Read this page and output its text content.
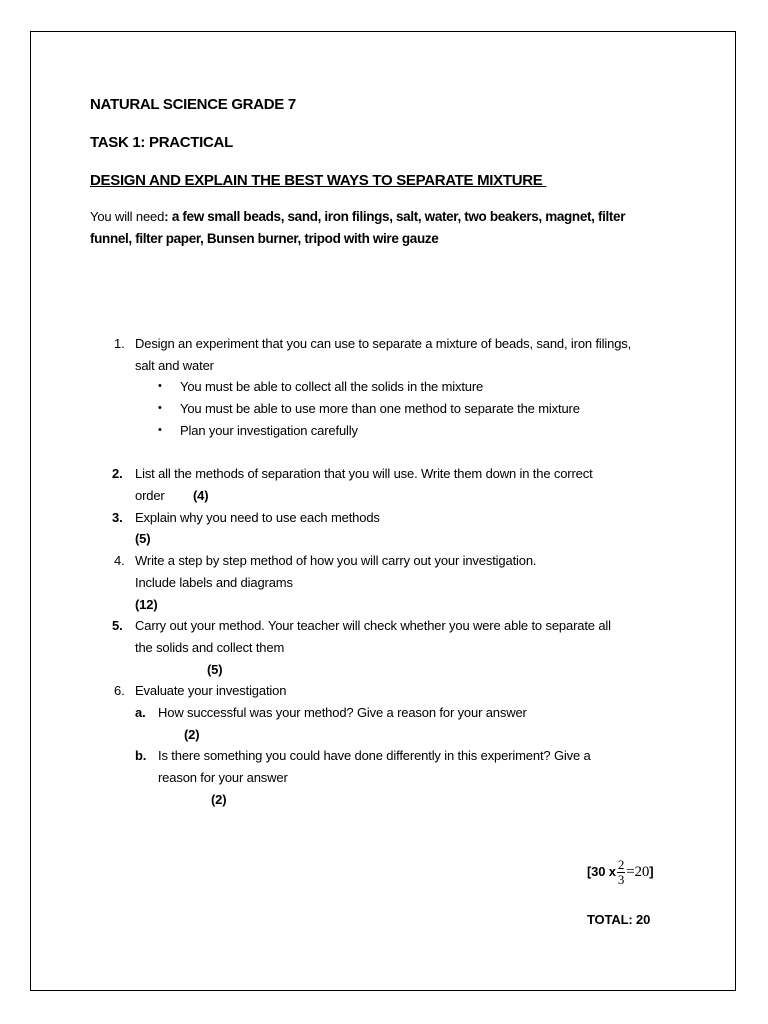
NATURAL SCIENCE GRADE 7
TASK 1: PRACTICAL
DESIGN AND EXPLAIN THE BEST WAYS TO SEPARATE MIXTURE
You will need: a few small beads, sand, iron filings, salt, water, two beakers, magnet, filter
funnel, filter paper, Bunsen burner, tripod with wire gauze
1. Design an experiment that you can use to separate a mixture of beads, sand, iron filings,
salt and water
• You must be able to collect all the solids in the mixture
• You must be able to use more than one method to separate the mixture
• Plan your investigation carefully
2. List all the methods of separation that you will use. Write them down in the correct
order (4)
3. Explain why you need to use each methods
(5)
4. Write a step by step method of how you will carry out your investigation.
Include labels and diagrams
(12)
5. Carry out your method. Your teacher will check whether you were able to separate all
the solids and collect them
(5)
6. Evaluate your investigation
a. How successful was your method? Give a reason for your answer
(2)
b. Is there something you could have done differently in this experiment? Give a
reason for your answer
(2)
[30 x $\frac{2}{3} =20$]
TOTAL: 20
